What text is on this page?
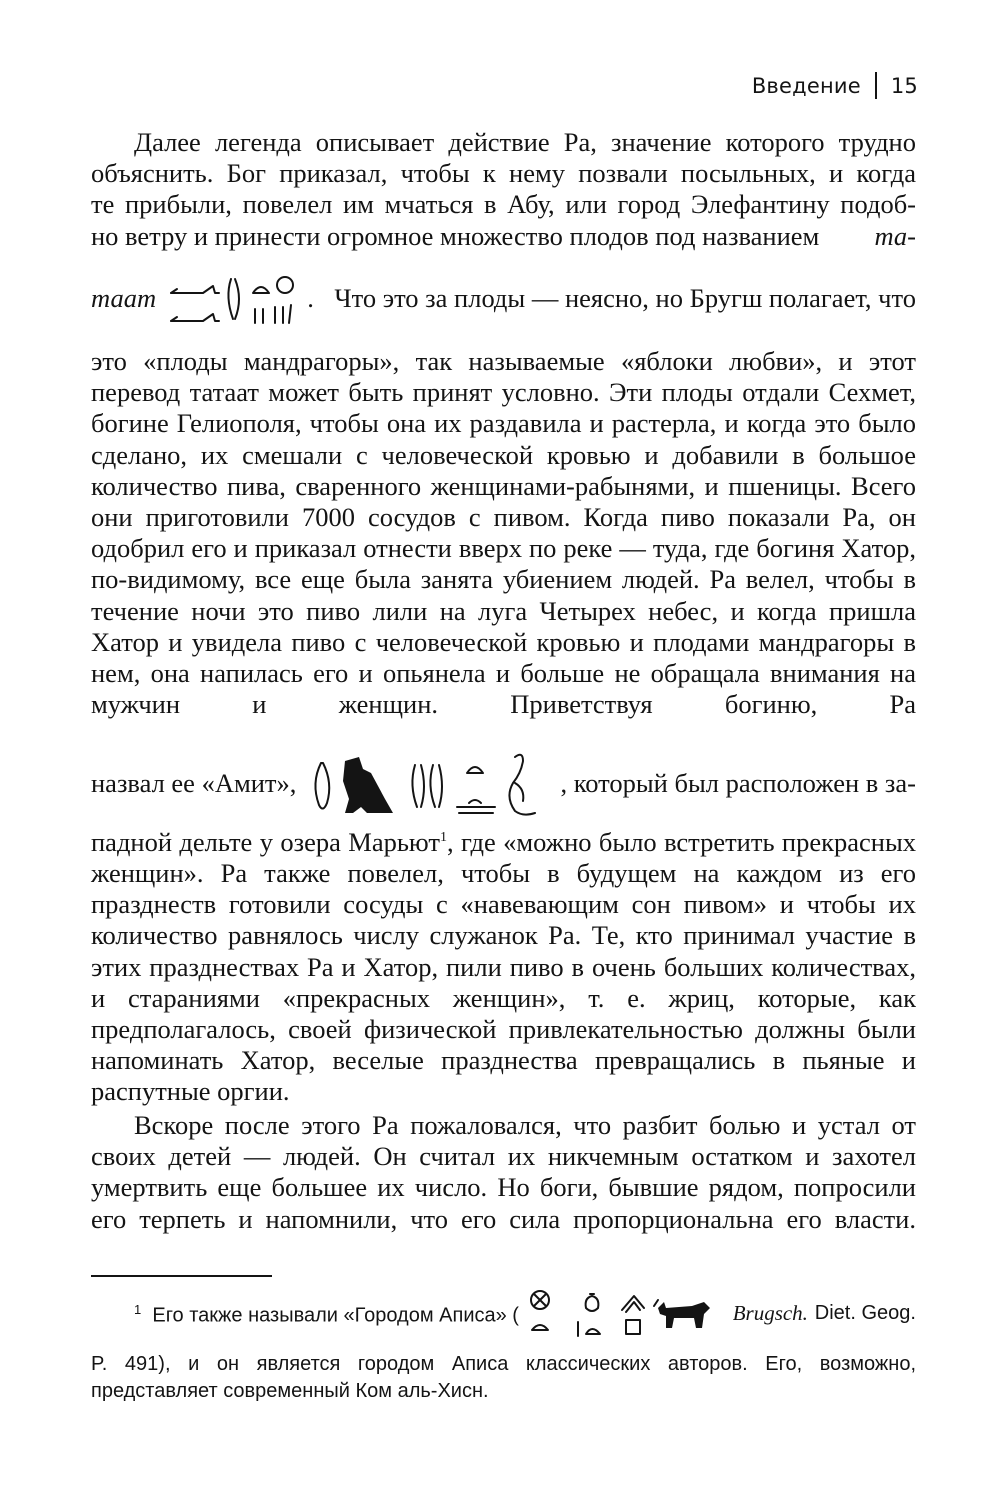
Введение 15
Далее легенда описывает действие Ра, значение которого трудно
объяснить. Бог приказал, чтобы к нему позвали посыльных, и когда
те прибыли, повелел им мчаться в Абу, или город Элефантину подоб-
но ветру и принести огромное множество плодов под названием та-
таат	. Что это за плоды — неясно, но Бругш полагает, что

это «плоды мандрагоры», так называемые «яблоки любви», и этот перевод татаат может быть принят условно. Эти плоды отдали Сехмет, богине Гелиополя, чтобы она их раздавила и растерла, и когда это было сделано, их смешали с человеческой кровью и добавили в большое количество пива, сваренного женщинами-рабынями, и пшеницы. Всего они приготовили 7000 сосудов с пивом. Когда пиво показали Ра, он одобрил его и приказал отнести вверх по реке — туда, где богиня Хатор, по-видимому, все еще была занята убиением людей. Ра велел, чтобы в течение ночи это пиво лили на луга Четырех небес, и когда пришла Хатор и увидела пиво с человеческой кровью и плодами мандрагоры в нем, она напилась его и опьянела и больше не обращала внимания на мужчин и женщин. Приветствуя богиню, Ра

назвал ее «Амит»,	, который был расположен в за-

падной дельте у озера Марьют$^1$, где «можно было встретить прекрасных женщин». Ра также повелел, чтобы в будущем на каждом из его празднеств готовили сосуды с «навевающим сон пивом» и чтобы их количество равнялось числу служанок Ра. Те, кто принимал участие в этих празднествах Ра и Хатор, пили пиво в очень больших количествах, и стараниями «прекрасных женщин», т. е. жриц, которые, как предполагалось, своей физической привлекательностью должны были напоминать Хатор, веселые празднества превращались в пьяные и распутные оргии.

Вскоре после этого Ра пожаловался, что разбит болью и устал от своих детей — людей. Он считал их никчемным остатком и захотел умертвить еще большее их число. Но боги, бывшие рядом, попросили его терпеть и напомнили, что его сила пропорциональна его власти.

$^1$ Его также называли «Городом Аписа» (	Brugsch. Diet. Geog.
P. 491), и он является городом Аписа классических авторов. Его, возможно, представляет современный Ком аль-Хисн.
